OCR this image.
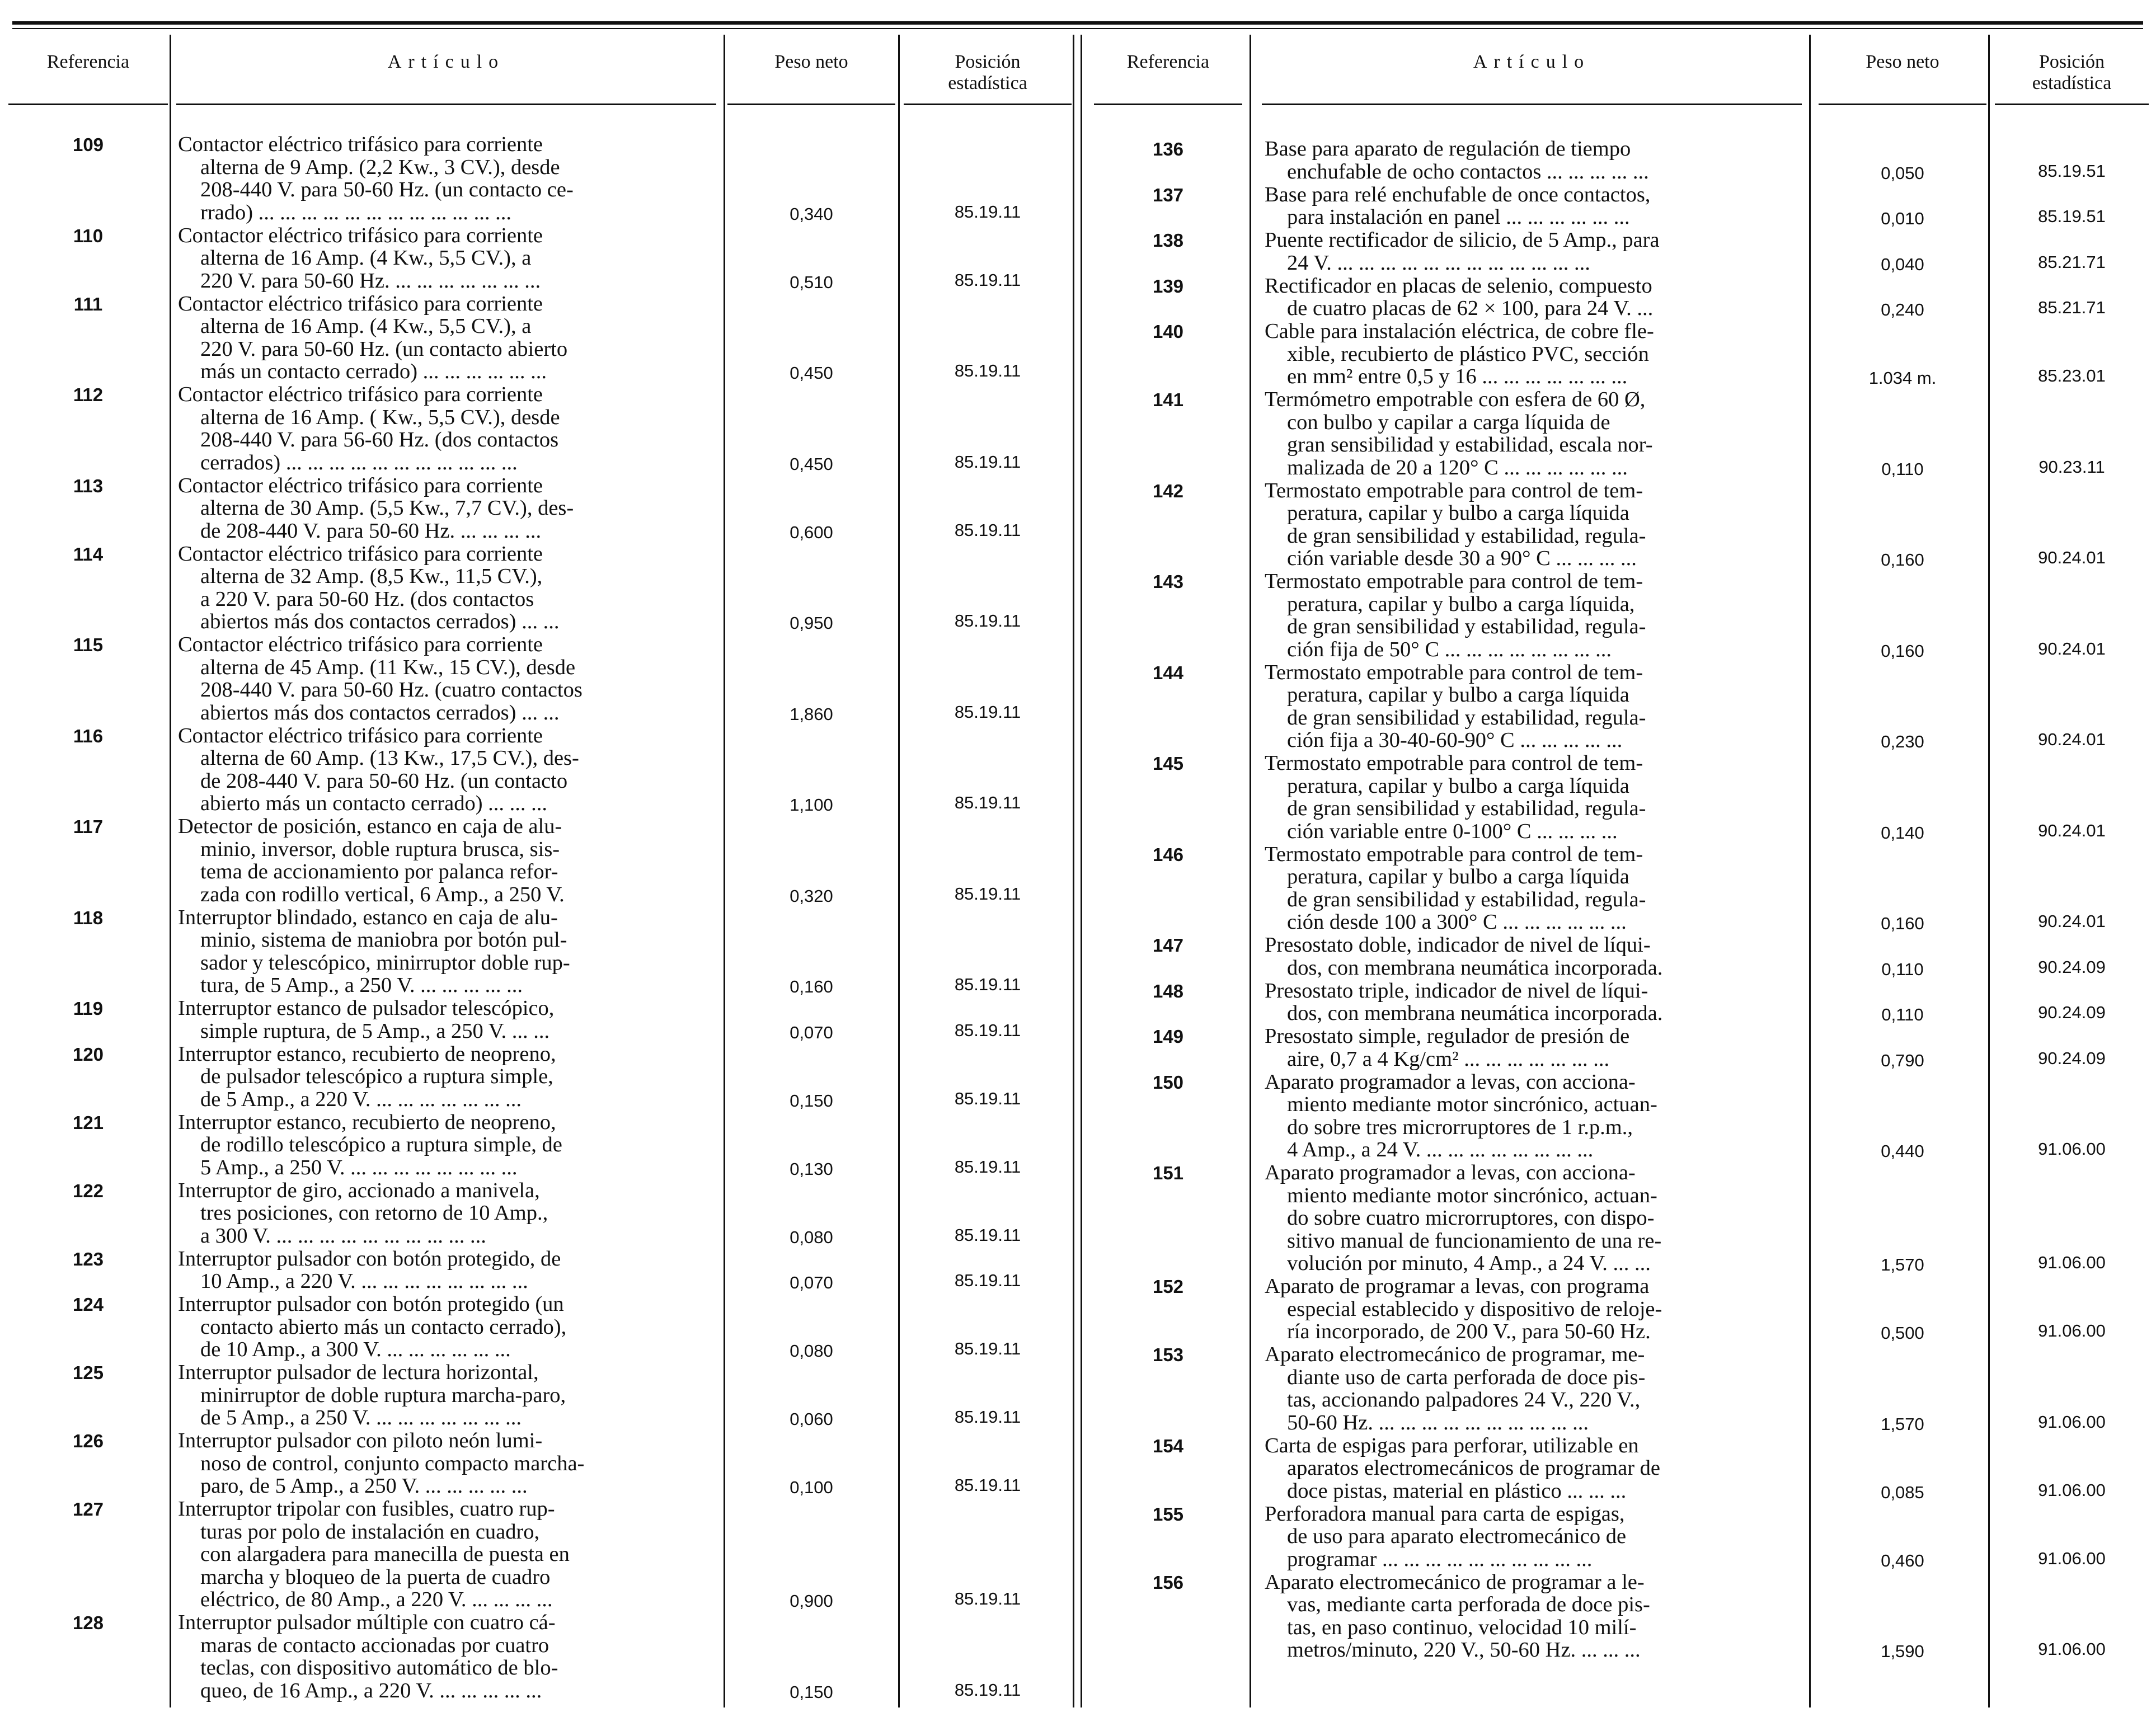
Referencia	Artículo	Peso neto	Posición
estadística
Referencia	Artículo	Peso neto	Posición
estadística
109	Contactor eléctrico trifásico para corriente
alterna de 9 Amp. (2,2 Kw., 3 CV.), desde
208-440 V. para 50-60 Hz. (un contacto ce-
rrado) ... ... ... ... ... ... ... ... ... ... ... ...	0,340	85.19.11
110	Contactor eléctrico trifásico para corriente
alterna de 16 Amp. (4 Kw., 5,5 CV.), a
220 V. para 50-60 Hz. ... ... ... ... ... ... ...	0,510	85.19.11
111	Contactor eléctrico trifásico para corriente
alterna de 16 Amp. (4 Kw., 5,5 CV.), a
220 V. para 50-60 Hz. (un contacto abierto
más un contacto cerrado) ... ... ... ... ... ...	0,450	85.19.11
112	Contactor eléctrico trifásico para corriente
alterna de 16 Amp. ( Kw., 5,5 CV.), desde
208-440 V. para 56-60 Hz. (dos contactos
cerrados) ... ... ... ... ... ... ... ... ... ... ...	0,450	85.19.11
113	Contactor eléctrico trifásico para corriente
alterna de 30 Amp. (5,5 Kw., 7,7 CV.), des-
de 208-440 V. para 50-60 Hz. ... ... ... ...	0,600	85.19.11
114	Contactor eléctrico trifásico para corriente
alterna de 32 Amp. (8,5 Kw., 11,5 CV.),
a 220 V. para 50-60 Hz. (dos contactos
abiertos más dos contactos cerrados) ... ...	0,950	85.19.11
115	Contactor eléctrico trifásico para corriente
alterna de 45 Amp. (11 Kw., 15 CV.), desde
208-440 V. para 50-60 Hz. (cuatro contactos
abiertos más dos contactos cerrados) ... ...	1,860	85.19.11
116	Contactor eléctrico trifásico para corriente
alterna de 60 Amp. (13 Kw., 17,5 CV.), des-
de 208-440 V. para 50-60 Hz. (un contacto
abierto más un contacto cerrado) ... ... ...	1,100	85.19.11
117	Detector de posición, estanco en caja de alu-
minio, inversor, doble ruptura brusca, sis-
tema de accionamiento por palanca refor-
zada con rodillo vertical, 6 Amp., a 250 V.	0,320	85.19.11
118	Interruptor blindado, estanco en caja de alu-
minio, sistema de maniobra por botón pul-
sador y telescópico, minirruptor doble rup-
tura, de 5 Amp., a 250 V. ... ... ... ... ...	0,160	85.19.11
119	Interruptor estanco de pulsador telescópico,
simple ruptura, de 5 Amp., a 250 V. ... ...	0,070	85.19.11
120	Interruptor estanco, recubierto de neopreno,
de pulsador telescópico a ruptura simple,
de 5 Amp., a 220 V. ... ... ... ... ... ... ...	0,150	85.19.11
121	Interruptor estanco, recubierto de neopreno,
de rodillo telescópico a ruptura simple, de
5 Amp., a 250 V. ... ... ... ... ... ... ... ...	0,130	85.19.11
122	Interruptor de giro, accionado a manivela,
tres posiciones, con retorno de 10 Amp.,
a 300 V. ... ... ... ... ... ... ... ... ... ...	0,080	85.19.11
123	Interruptor pulsador con botón protegido, de
10 Amp., a 220 V. ... ... ... ... ... ... ... ...	0,070	85.19.11
124	Interruptor pulsador con botón protegido (un
contacto abierto más un contacto cerrado),
de 10 Amp., a 300 V. ... ... ... ... ... ...	0,080	85.19.11
125	Interruptor pulsador de lectura horizontal,
minirruptor de doble ruptura marcha-paro,
de 5 Amp., a 250 V. ... ... ... ... ... ... ...	0,060	85.19.11
126	Interruptor pulsador con piloto neón lumi-
noso de control, conjunto compacto marcha-
paro, de 5 Amp., a 250 V. ... ... ... ... ...	0,100	85.19.11
127	Interruptor tripolar con fusibles, cuatro rup-
turas por polo de instalación en cuadro,
con alargadera para manecilla de puesta en
marcha y bloqueo de la puerta de cuadro
eléctrico, de 80 Amp., a 220 V. ... ... ... ...	0,900	85.19.11
128	Interruptor pulsador múltiple con cuatro cá-
maras de contacto accionadas por cuatro
teclas, con dispositivo automático de blo-
queo, de 16 Amp., a 220 V. ... ... ... ... ...	0,150	85.19.11
136	Base para aparato de regulación de tiempo
enchufable de ocho contactos ... ... ... ... ...	0,050	85.19.51
137	Base para relé enchufable de once contactos,
para instalación en panel ... ... ... ... ... ...	0,010	85.19.51
138	Puente rectificador de silicio, de 5 Amp., para
24 V. ... ... ... ... ... ... ... ... ... ... ... ...	0,040	85.21.71
139	Rectificador en placas de selenio, compuesto
de cuatro placas de 62 × 100, para 24 V. ...	0,240	85.21.71
140	Cable para instalación eléctrica, de cobre fle-
xible, recubierto de plástico PVC, sección
en mm² entre 0,5 y 16 ... ... ... ... ... ... ...	1.034 m.	85.23.01
141	Termómetro empotrable con esfera de 60 Ø,
con bulbo y capilar a carga líquida de
gran sensibilidad y estabilidad, escala nor-
malizada de 20 a 120° C ... ... ... ... ... ...	0,110	90.23.11
142	Termostato empotrable para control de tem-
peratura, capilar y bulbo a carga líquida
de gran sensibilidad y estabilidad, regula-
ción variable desde 30 a 90° C ... ... ... ...	0,160	90.24.01
143	Termostato empotrable para control de tem-
peratura, capilar y bulbo a carga líquida,
de gran sensibilidad y estabilidad, regula-
ción fija de 50° C ... ... ... ... ... ... ... ...	0,160	90.24.01
144	Termostato empotrable para control de tem-
peratura, capilar y bulbo a carga líquida
de gran sensibilidad y estabilidad, regula-
ción fija a 30-40-60-90° C ... ... ... ... ...	0,230	90.24.01
145	Termostato empotrable para control de tem-
peratura, capilar y bulbo a carga líquida
de gran sensibilidad y estabilidad, regula-
ción variable entre 0-100° C ... ... ... ...	0,140	90.24.01
146	Termostato empotrable para control de tem-
peratura, capilar y bulbo a carga líquida
de gran sensibilidad y estabilidad, regula-
ción desde 100 a 300° C ... ... ... ... ... ...	0,160	90.24.01
147	Presostato doble, indicador de nivel de líqui-
dos, con membrana neumática incorporada.	0,110	90.24.09
148	Presostato triple, indicador de nivel de líqui-
dos, con membrana neumática incorporada.	0,110	90.24.09
149	Presostato simple, regulador de presión de
aire, 0,7 a 4 Kg/cm² ... ... ... ... ... ... ...	0,790	90.24.09
150	Aparato programador a levas, con acciona-
miento mediante motor sincrónico, actuan-
do sobre tres microrruptores de 1 r.p.m.,
4 Amp., a 24 V. ... ... ... ... ... ... ... ...	0,440	91.06.00
151	Aparato programador a levas, con acciona-
miento mediante motor sincrónico, actuan-
do sobre cuatro microrruptores, con dispo-
sitivo manual de funcionamiento de una re-
volución por minuto, 4 Amp., a 24 V. ... ...	1,570	91.06.00
152	Aparato de programar a levas, con programa
especial establecido y dispositivo de reloje-
ría incorporado, de 200 V., para 50-60 Hz.	0,500	91.06.00
153	Aparato electromecánico de programar, me-
diante uso de carta perforada de doce pis-
tas, accionando palpadores 24 V., 220 V.,
50-60 Hz. ... ... ... ... ... ... ... ... ... ...	1,570	91.06.00
154	Carta de espigas para perforar, utilizable en
aparatos electromecánicos de programar de
doce pistas, material en plástico ... ... ...	0,085	91.06.00
155	Perforadora manual para carta de espigas,
de uso para aparato electromecánico de
programar ... ... ... ... ... ... ... ... ... ...	0,460	91.06.00
156	Aparato electromecánico de programar a le-
vas, mediante carta perforada de doce pis-
tas, en paso continuo, velocidad 10 milí-
metros/minuto, 220 V., 50-60 Hz. ... ... ...	1,590	91.06.00
